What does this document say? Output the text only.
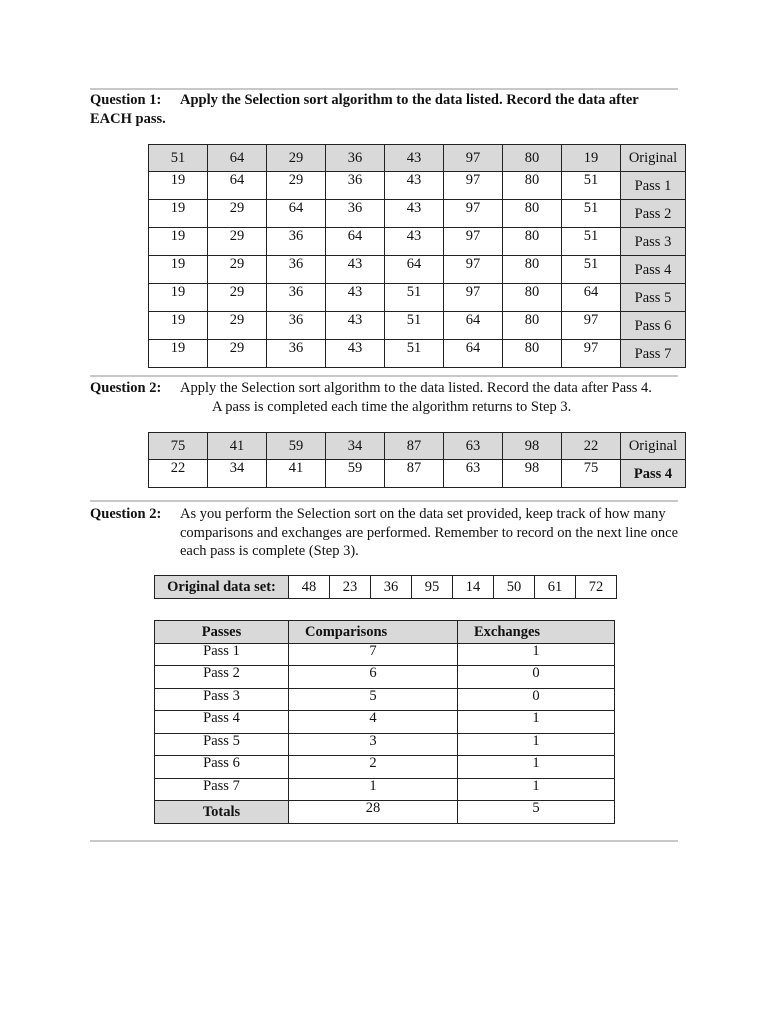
Question 1: Apply the Selection sort algorithm to the data listed. Record the data after EACH pass.
51	64	29	36	43	97	80	19	Original
19	64	29	36	43	97	80	51	Pass 1
19	29	64	36	43	97	80	51	Pass 2
19	29	36	64	43	97	80	51	Pass 3
19	29	36	43	64	97	80	51	Pass 4
19	29	36	43	51	97	80	64	Pass 5
19	29	36	43	51	64	80	97	Pass 6
19	29	36	43	51	64	80	97	Pass 7
Question 2: Apply the Selection sort algorithm to the data listed. Record the data after Pass 4.
A pass is completed each time the algorithm returns to Step 3.
75	41	59	34	87	63	98	22	Original
22	34	41	59	87	63	98	75	Pass 4
Question 2:	As you perform the Selection sort on the data set provided, keep track of how many comparisons and exchanges are performed. Remember to record on the next line once each pass is complete (Step 3).
Original data set:	48	23	36	95	14	50	61	72
Passes	Comparisons	Exchanges
Pass 1	7	1
Pass 2	6	0
Pass 3	5	0
Pass 4	4	1
Pass 5	3	1
Pass 6	2	1
Pass 7	1	1
Totals	28	5
